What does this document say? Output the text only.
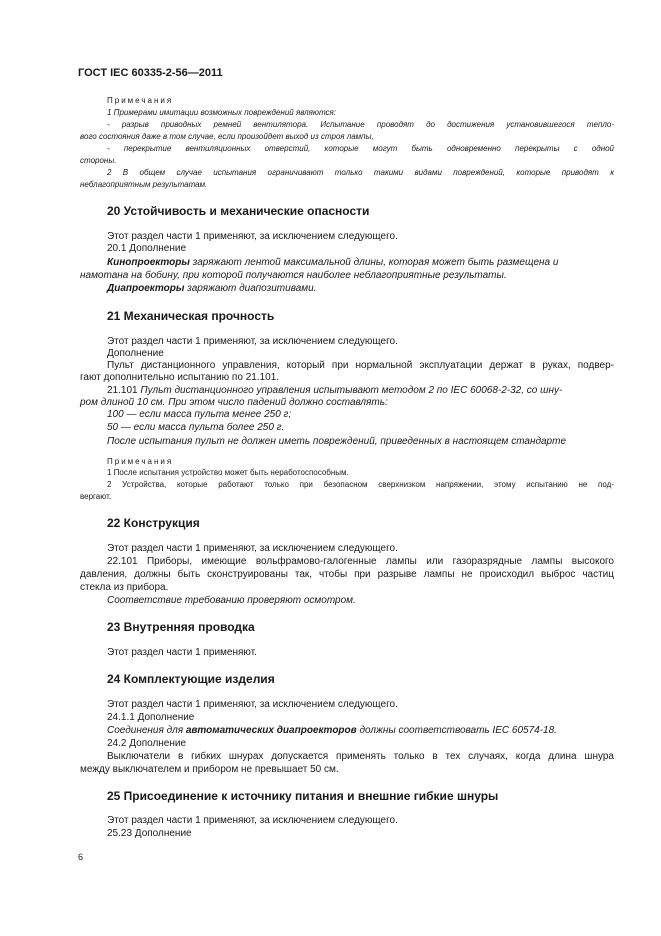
ГОСТ IEC 60335-2-56—2011
Примечания
1 Примерами имитации возможных повреждений являются:
- разрыв приводных ремней вентилятора. Испытание проводят до достижения установившегося тепло-
вого состояния даже в том случае, если произойдет выход из строя лампы,
- перекрытие вентиляционных отверстий, которые могут быть одновременно перекрыты с одной
стороны.
2 В общем случае испытания ограничивают только такими видами повреждений, которые приводят к
неблагоприятным результатам.
20 Устойчивость и механические опасности
Этот раздел части 1 применяют, за исключением следующего.
20.1 Дополнение
Кинопроекторы заряжают лентой максимальной длины, которая может быть размещена и
намотана на бобину, при которой получаются наиболее неблагоприятные результаты.
Диапроекторы заряжают диапозитивами.
21 Механическая прочность
Этот раздел части 1 применяют, за исключением следующего.
Дополнение
Пульт дистанционного управления, который при нормальной эксплуатации держат в руках, подвер-
гают дополнительно испытанию по 21.101.
21.101 Пульт дистанционного управления испытывают методом 2 по IEC 60068-2-32, со шну-
ром длиной 10 см. При этом число падений должно составлять:
100 — если масса пульта менее 250 г;
50 — если масса пульта более 250 г.
После испытания пульт не должен иметь повреждений, приведенных в настоящем стандарте
Примечания
1 После испытания устройство может быть неработоспособным.
2 Устройства, которые работают только при безопасном сверхнизком напряжении, этому испытанию не под-
вергают.
22 Конструкция
Этот раздел части 1 применяют, за исключением следующего.
22.101 Приборы, имеющие вольфрамово-галогенные лампы или газоразрядные лампы высокого
давления, должны быть сконструированы так, чтобы при разрыве лампы не происходил выброс частиц
стекла из прибора.
Соответствие требованию проверяют осмотром.
23 Внутренняя проводка
Этот раздел части 1 применяют.
24 Комплектующие изделия
Этот раздел части 1 применяют, за исключением следующего.
24.1.1 Дополнение
Соединения для автоматических диапроекторов должны соответствовать IEC 60574-18.
24.2 Дополнение
Выключатели в гибких шнурах допускается применять только в тех случаях, когда длина шнура
между выключателем и прибором не превышает 50 см.
25 Присоединение к источнику питания и внешние гибкие шнуры
Этот раздел части 1 применяют, за исключением следующего.
25.23 Дополнение
6
